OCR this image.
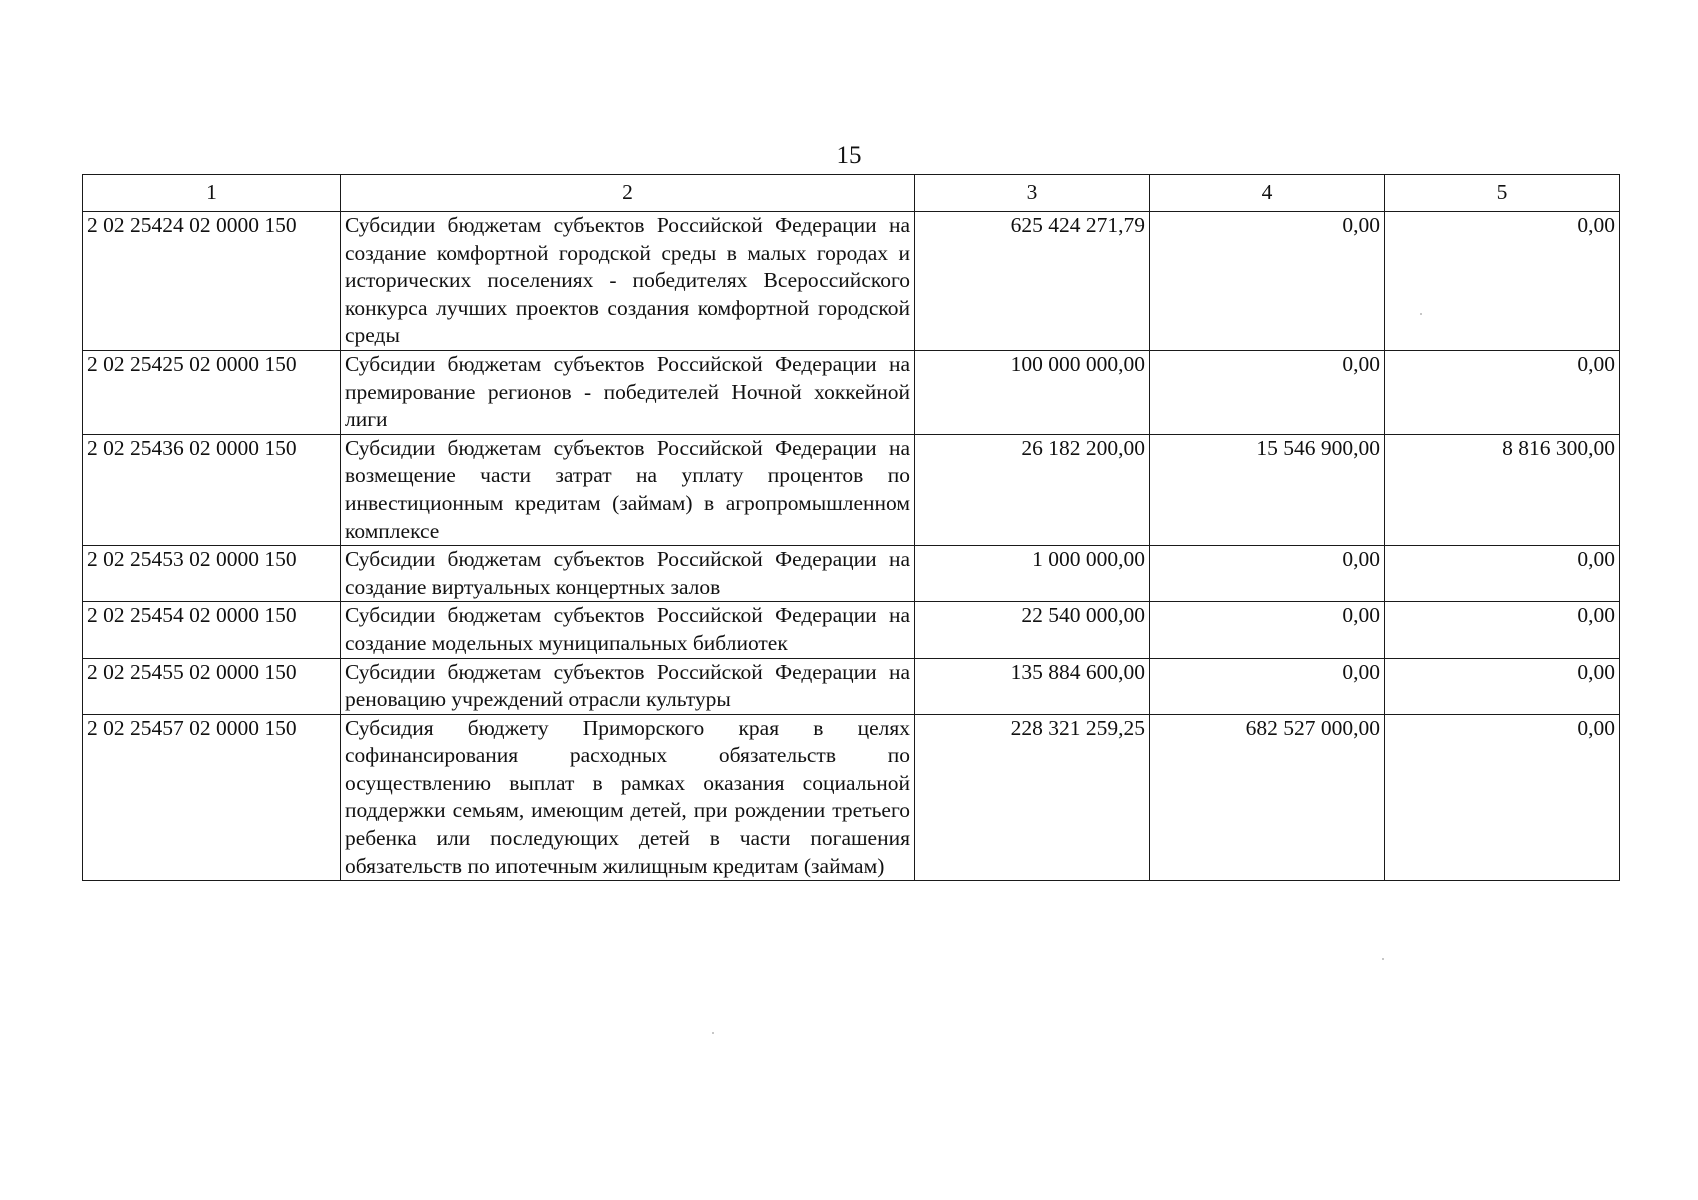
15
1	2	3	4	5
2 02 25424 02 0000 150	Субсидии бюджетам субъектов Российской Федерации на создание комфортной городской среды в малых городах и исторических поселениях - победителях Всероссийского конкурса лучших проектов создания комфортной городской среды	625 424 271,79	0,00	0,00
2 02 25425 02 0000 150	Субсидии бюджетам субъектов Российской Федерации на премирование регионов - победителей Ночной хоккейной лиги	100 000 000,00	0,00	0,00
2 02 25436 02 0000 150	Субсидии бюджетам субъектов Российской Федерации на возмещение части затрат на уплату процентов по инвестиционным кредитам (займам) в агропромышленном комплексе	26 182 200,00	15 546 900,00	8 816 300,00
2 02 25453 02 0000 150	Субсидии бюджетам субъектов Российской Федерации на создание виртуальных концертных залов	1 000 000,00	0,00	0,00
2 02 25454 02 0000 150	Субсидии бюджетам субъектов Российской Федерации на создание модельных муниципальных библиотек	22 540 000,00	0,00	0,00
2 02 25455 02 0000 150	Субсидии бюджетам субъектов Российской Федерации на реновацию учреждений отрасли культуры	135 884 600,00	0,00	0,00
2 02 25457 02 0000 150	Субсидия бюджету Приморского края в целях софинансирования расходных обязательств по осуществлению выплат в рамках оказания социальной поддержки семьям, имеющим детей, при рождении третьего ребенка или последующих детей в части погашения обязательств по ипотечным жилищным кредитам (займам)	228 321 259,25	682 527 000,00	0,00
